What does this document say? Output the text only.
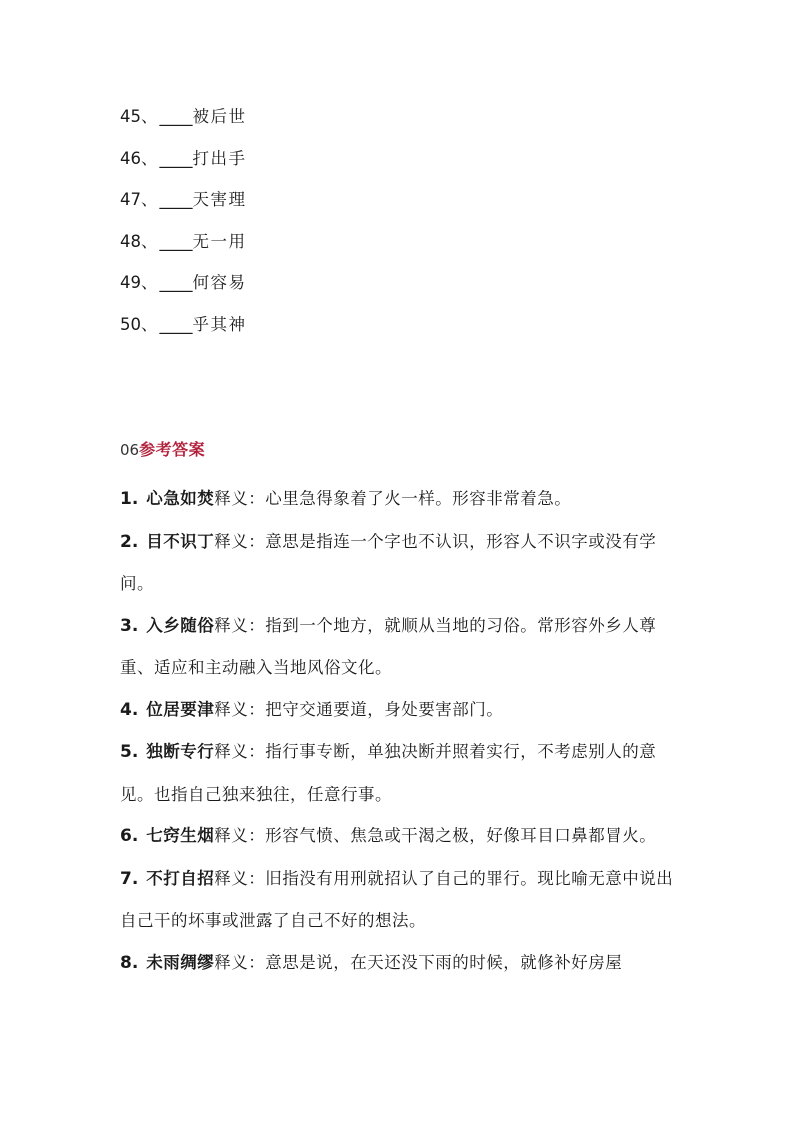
45、 ____被后世
46、 ____打出手
47、 ____天害理
48、 ____无一用
49、 ____何容易
50、 ____乎其神
06参考答案
1. 心急如焚释义：心里急得象着了火一样。形容非常着急。
2. 目不识丁释义：意思是指连一个字也不认识，形容人不识字或没有学问。
3. 入乡随俗释义：指到一个地方，就顺从当地的习俗。常形容外乡人尊重、适应和主动融入当地风俗文化。
4. 位居要津释义：把守交通要道，身处要害部门。
5. 独断专行释义：指行事专断，单独决断并照着实行，不考虑别人的意见。也指自己独来独往，任意行事。
6. 七窍生烟释义：形容气愤、焦急或干渴之极，好像耳目口鼻都冒火。
7. 不打自招释义：旧指没有用刑就招认了自己的罪行。现比喻无意中说出自己干的坏事或泄露了自己不好的想法。
8. 未雨绸缪释义：意思是说，在天还没下雨的时候，就修补好房屋
